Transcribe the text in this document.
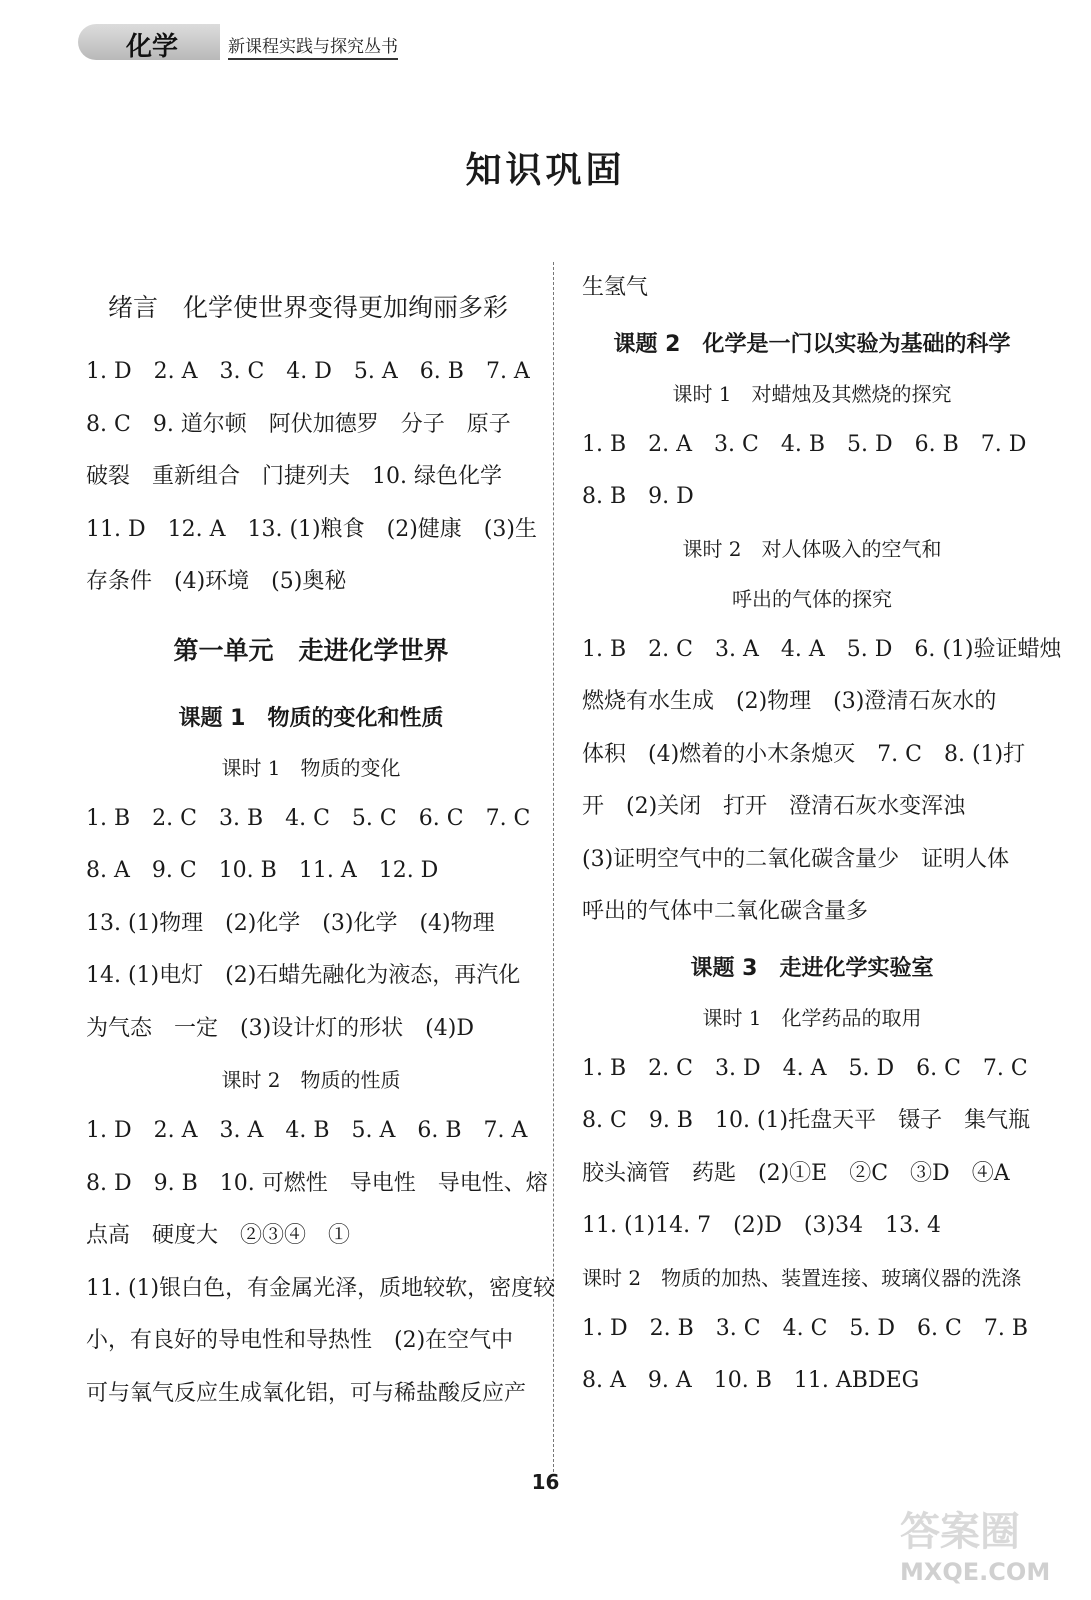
化学	新课程实践与探究丛书
知识巩固
绪言　化学使世界变得更加绚丽多彩
1. D　2. A　3. C　4. D　5. A　6. B　7. A
8. C　9. 道尔顿　阿伏加德罗　分子　原子
破裂　重新组合　门捷列夫　10. 绿色化学
11. D　12. A　13. (1)粮食　(2)健康　(3)生
存条件　(4)环境　(5)奥秘
第一单元　走进化学世界
课题 1　物质的变化和性质
课时 1　物质的变化
1. B　2. C　3. B　4. C　5. C　6. C　7. C
8. A　9. C　10. B　11. A　12. D
13. (1)物理　(2)化学　(3)化学　(4)物理
14. (1)电灯　(2)石蜡先融化为液态，再汽化
为气态　一定　(3)设计灯的形状　(4)D
课时 2　物质的性质
1. D　2. A　3. A　4. B　5. A　6. B　7. A
8. D　9. B　10. 可燃性　导电性　导电性、熔
点高　硬度大　②③④　①
11. (1)银白色，有金属光泽，质地较软，密度较
小，有良好的导电性和导热性　(2)在空气中
可与氧气反应生成氧化铝，可与稀盐酸反应产
生氢气
课题 2　化学是一门以实验为基础的科学
课时 1　对蜡烛及其燃烧的探究
1. B　2. A　3. C　4. B　5. D　6. B　7. D
8. B　9. D
课时 2　对人体吸入的空气和
呼出的气体的探究
1. B　2. C　3. A　4. A　5. D　6. (1)验证蜡烛
燃烧有水生成　(2)物理　(3)澄清石灰水的
体积　(4)燃着的小木条熄灭　7. C　8. (1)打
开　(2)关闭　打开　澄清石灰水变浑浊
(3)证明空气中的二氧化碳含量少　证明人体
呼出的气体中二氧化碳含量多
课题 3　走进化学实验室
课时 1　化学药品的取用
1. B　2. C　3. D　4. A　5. D　6. C　7. C
8. C　9. B　10. (1)托盘天平　镊子　集气瓶
胶头滴管　药匙　(2)①E　②C　③D　④A
11. (1)14. 7　(2)D　(3)34　13. 4
课时 2　物质的加热、装置连接、玻璃仪器的洗涤
1. D　2. B　3. C　4. C　5. D　6. C　7. B
8. A　9. A　10. B　11. ABDEG
16
答案圈
MXQE.COM
